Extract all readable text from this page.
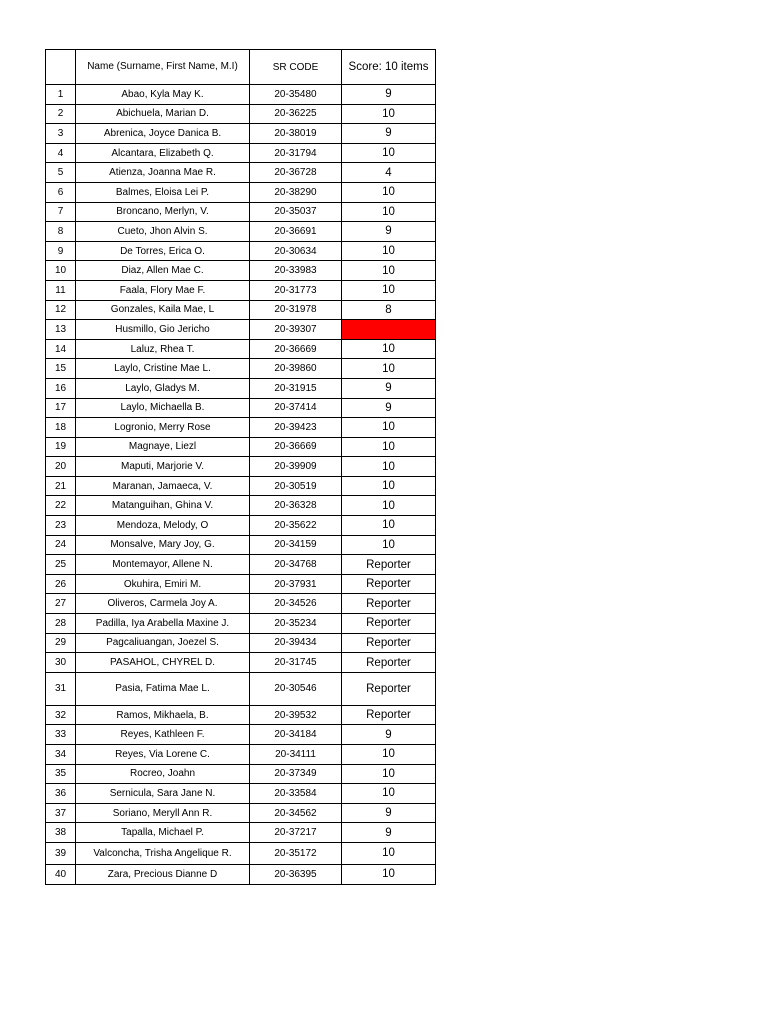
	Name (Surname, First Name, M.I)	SR CODE	Score: 10 items
1	Abao, Kyla May K.	20-35480	9
2	Abichuela, Marian D.	20-36225	10
3	Abrenica, Joyce Danica B.	20-38019	9
4	Alcantara, Elizabeth Q.	20-31794	10
5	Atienza, Joanna Mae R.	20-36728	4
6	Balmes, Eloisa Lei P.	20-38290	10
7	Broncano, Merlyn, V.	20-35037	10
8	Cueto, Jhon Alvin S.	20-36691	9
9	De Torres, Erica O.	20-30634	10
10	Diaz, Allen Mae C.	20-33983	10
11	Faala, Flory Mae F.	20-31773	10
12	Gonzales, Kaila Mae, L	20-31978	8
13	Husmillo, Gio Jericho	20-39307	
14	Laluz, Rhea T.	20-36669	10
15	Laylo, Cristine Mae L.	20-39860	10
16	Laylo, Gladys M.	20-31915	9
17	Laylo, Michaella B.	20-37414	9
18	Logronio, Merry Rose	20-39423	10
19	Magnaye, Liezl	20-36669	10
20	Maputi, Marjorie V.	20-39909	10
21	Maranan, Jamaeca, V.	20-30519	10
22	Matanguihan, Ghina V.	20-36328	10
23	Mendoza, Melody, O	20-35622	10
24	Monsalve, Mary Joy, G.	20-34159	10
25	Montemayor, Allene N.	20-34768	Reporter
26	Okuhira, Emiri M.	20-37931	Reporter
27	Oliveros, Carmela Joy A.	20-34526	Reporter
28	Padilla, Iya Arabella Maxine J.	20-35234	Reporter
29	Pagcaliuangan, Joezel S.	20-39434	Reporter
30	PASAHOL, CHYREL D.	20-31745	Reporter
31	Pasia, Fatima Mae L.	20-30546	Reporter
32	Ramos, Mikhaela, B.	20-39532	Reporter
33	Reyes, Kathleen F.	20-34184	9
34	Reyes, Via Lorene C.	20-34111	10
35	Rocreo, Joahn	20-37349	10
36	Sernicula, Sara Jane N.	20-33584	10
37	Soriano, Meryll Ann R.	20-34562	9
38	Tapalla, Michael P.	20-37217	9
39	Valconcha, Trisha Angelique R.	20-35172	10
40	Zara, Precious Dianne D	20-36395	10
